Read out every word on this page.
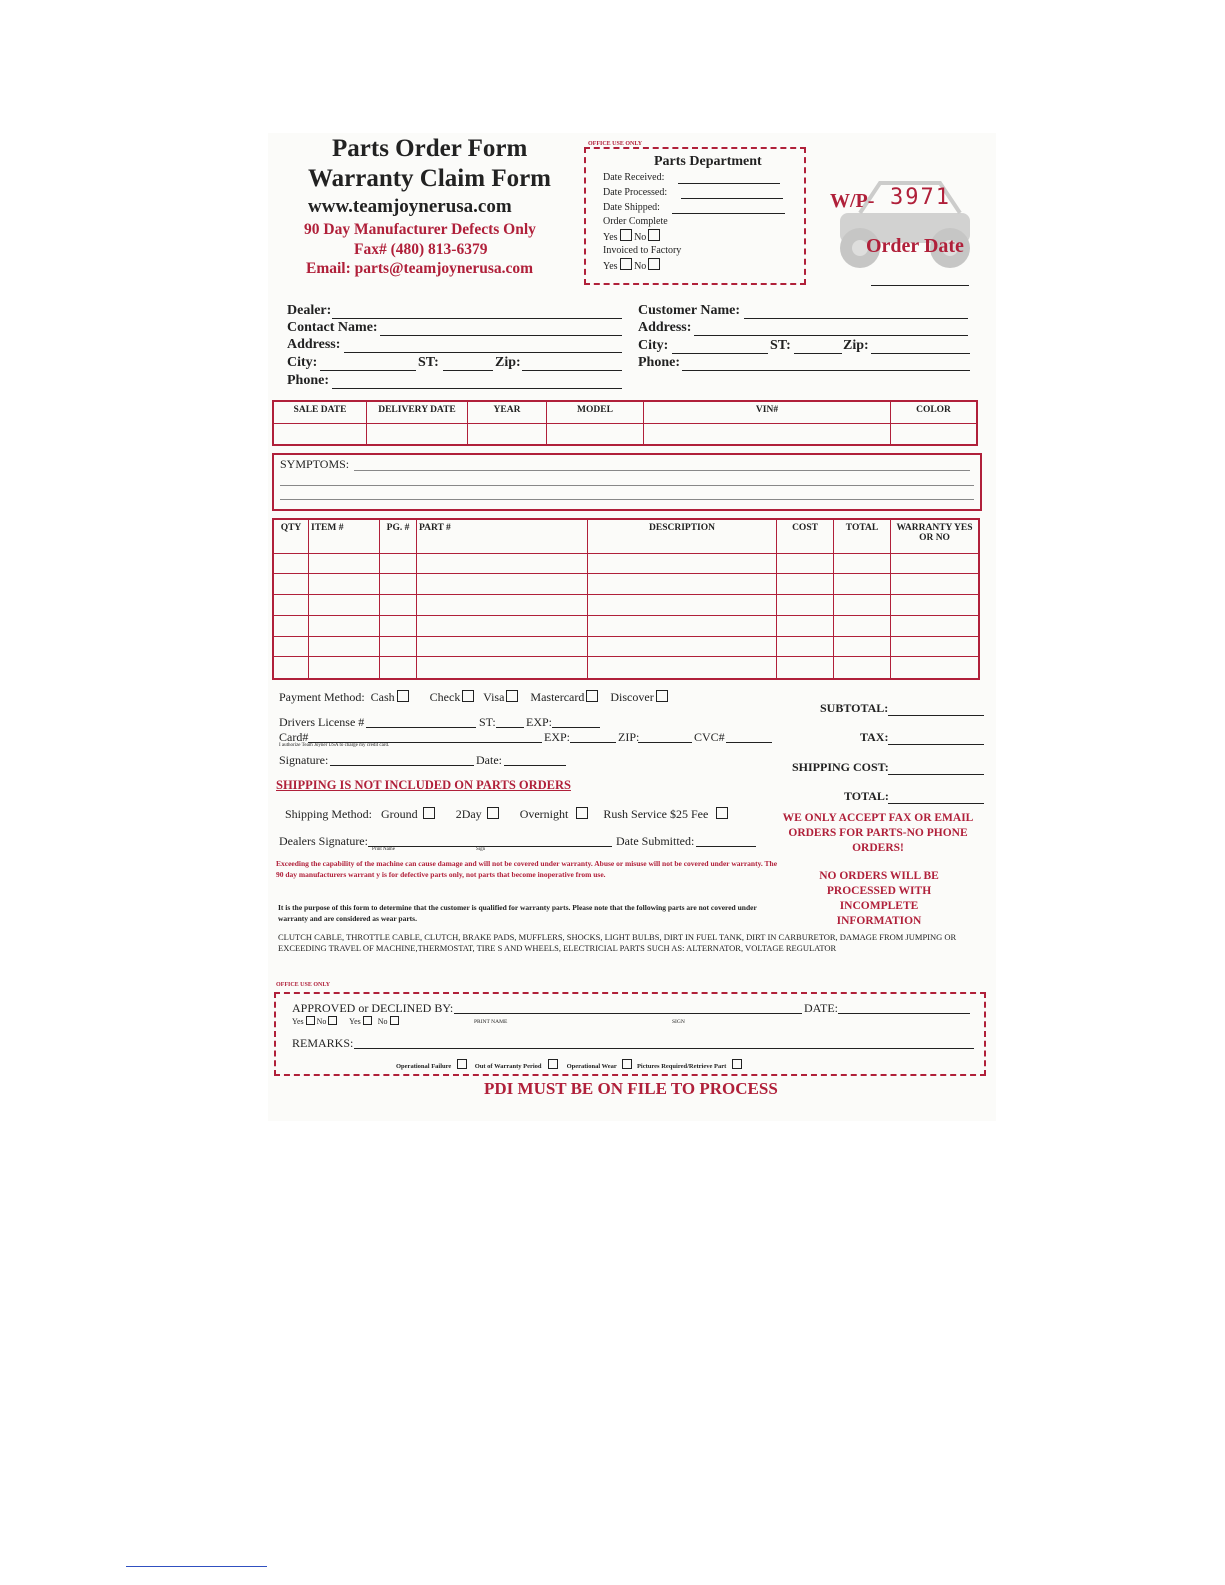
Parts Order Form
Warranty Claim Form
www.teamjoynerusa.com
90 Day Manufacturer Defects Only
Fax# (480) 813-6379
Email: parts@teamjoynerusa.com
OFFICE USE ONLY
Parts Department
Date Received:
Date Processed:
Date Shipped:
Order Complete
Yes No
Invoiced to Factory
Yes No
W/P- 3971
Order Date
Dealer:
Contact Name:
Address:
City:	ST:	Zip:
Phone:
Customer Name:
Address:
City:	ST:	Zip:
Phone:
SALE DATE	DELIVERY DATE	YEAR	MODEL	VIN#	COLOR

SYMPTOMS:
QTY	ITEM #	PG. #	PART #	DESCRIPTION	COST	TOTAL	WARRANTY YES OR NO

Payment Method: Cash	Check Visa Mastercard Discover
Drivers License #	ST:	EXP:
Card#	EXP:	ZIP:	CVC#
I authorize Team Joyner USA to charge my credit card.
Signature:	Date:
SUBTOTAL:
TAX:
SHIPPING COST:
TOTAL:
SHIPPING IS NOT INCLUDED ON PARTS ORDERS
Shipping Method: Ground	2Day	Overnight	Rush Service $25 Fee
Dealers Signature:
Print Name	Sign
Date Submitted:
WE ONLY ACCEPT FAX OR EMAIL ORDERS FOR PARTS-NO PHONE ORDERS!
NO ORDERS WILL BE PROCESSED WITH INCOMPLETE INFORMATION
Exceeding the capability of the machine can cause damage and will not be covered under warranty. Abuse or misuse will not be covered under warranty. The 90 day manufacturers warrant y is for defective parts only, not parts that become inoperative from use.
It is the purpose of this form to determine that the customer is qualified for warranty parts. Please note that the following parts are not covered under warranty and are considered as wear parts.
CLUTCH CABLE, THROTTLE CABLE, CLUTCH, BRAKE PADS, MUFFLERS, SHOCKS, LIGHT BULBS, DIRT IN FUEL TANK, DIRT IN CARBURETOR, DAMAGE FROM JUMPING OR EXCEEDING TRAVEL OF MACHINE,THERMOSTAT, TIRE S AND WHEELS, ELECTRICIAL PARTS SUCH AS: ALTERNATOR, VOLTAGE REGULATOR
OFFICE USE ONLY
APPROVED or DECLINED BY:	DATE:
Yes No	Yes No	PRINT NAME	SIGN
REMARKS:
Operational Failure	Out of Warranty Period	Operational Wear	Pictures Required/Retrieve Part
PDI MUST BE ON FILE TO PROCESS
